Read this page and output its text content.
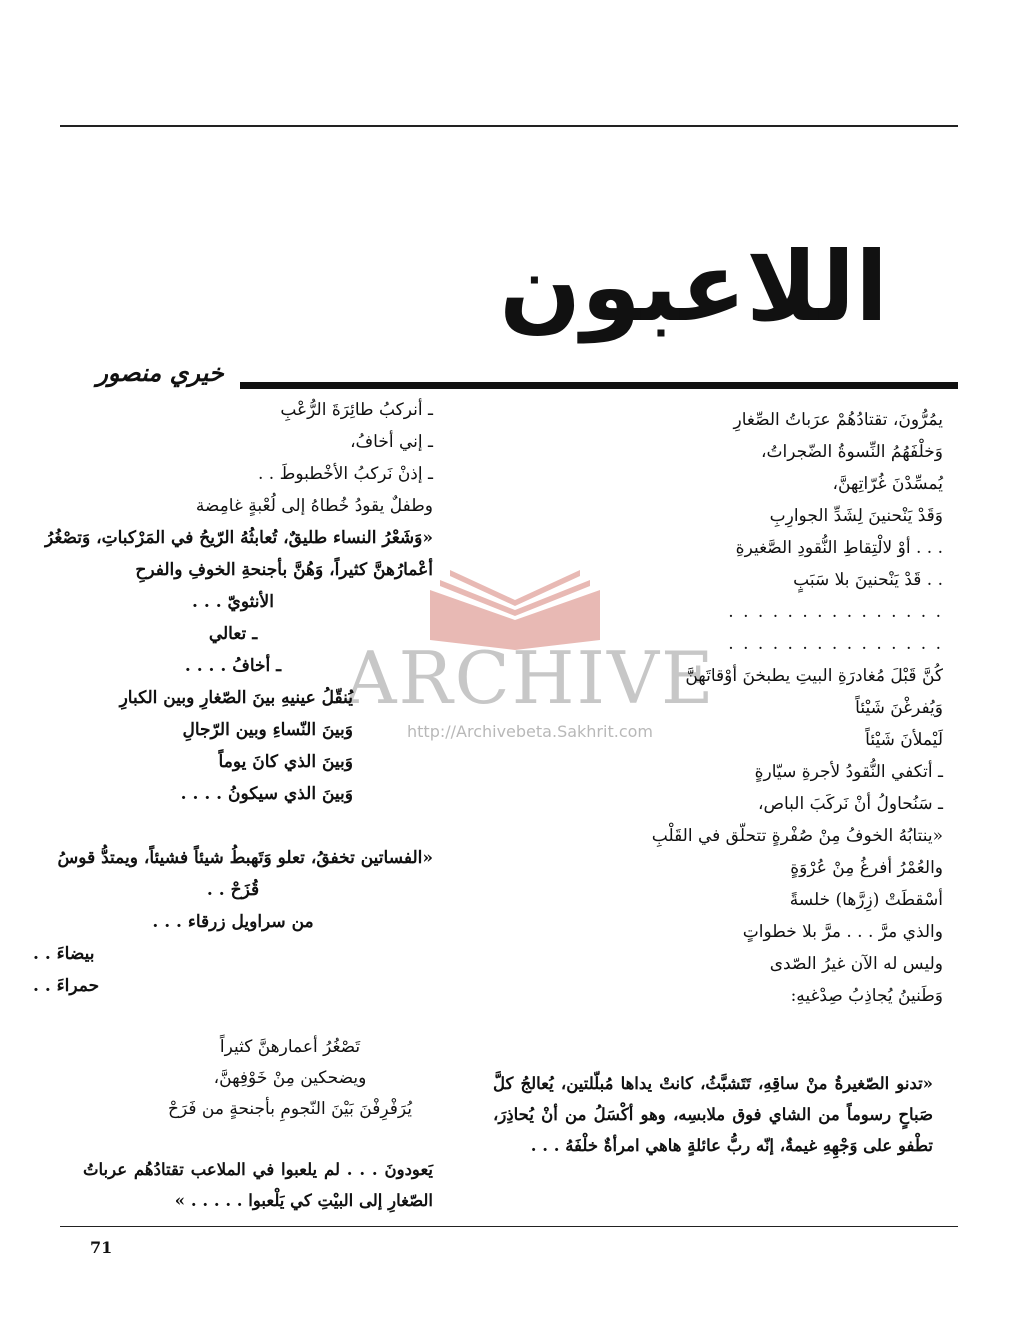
اللاعبون
خيري منصور
ARCHIVE
http://Archivebeta.Sakhrit.com
يمُرُّونَ، تقتادُهُمْ عرَباتُ الصِّغارِ
وَخلْفَهُمُ النِّسوةُ الضّجراتُ،
يُمسِّدْنَ غُرّاتِهنَّ،
وَقَدْ يَنْحنينَ لِشَدِّ الجوارِبِ
. . . أوْ لالْتِقاطِ النُّقودِ الصَّغيرةِ
. . قَدْ يَنْحنينَ بلا سَبَبٍ
. . . . . . . . . . . . . . .
. . . . . . . . . . . . . . .
كُنَّ قَبْلَ مُغادرَةِ البيتِ يطبخنَ أوْقاتَهنَّ
وَيُفرغْنَ شَيْئاً
لَيْملأنَ شَيْئاً
ـ أتكفي النُّقودُ لأجرةِ سيّارةٍ
ـ سَنُحاولُ أنْ نَركَبَ الباص،
«ينتابُهُ الخوفُ مِنْ صُفْرةٍ تتحلّق في القَلْبِ
والعُمْرُ أفرغُ مِنْ عُرْوَةٍ
أسْقطَتْ (زِرَّها) خلسةً
والذي مرَّ . . . مرَّ بلا خطواتٍ
وليس له الآن غيرُ الصّدى
وَطَنينُ يُجاذِبُ صِدْغيهِ:
ـ أنركبُ طائِرَةَ الرُّعْبِ
ـ إني أخافُ،
ـ إذنْ نَركبُ الأخْطبوطَ . .
وطفلٌ يقودُ خُطاهُ إلى لُعْبةٍ غامِضة
«وَشَعْرُ النساء طليقٌ، تُعابثُهُ الرّيحُ في المَرْكباتِ، وَتصْغُرُ
أعْمارُهنَّ كثيراً، وَهُنَّ بأجنحةِ الخوفِ والفرحِ
الأنثويّ . . .
ـ تعالي
ـ أخافُ . . . .
يُنقّلُ عينيهِ بينَ الصّغارِ وبين الكبارِ
وَبينَ النّساءِ وبين الرّجالِ
وَبينَ الذي كانَ يوماً
وَبينَ الذي سيكونُ . . . .
«الفساتين تخفقُ، تعلو وَتَهبطُ شيئاً فشيئاً، ويمتدُّ قوسُ
قُزَحْ . .
من سراويل زرقاء . . .
بيضاءَ . .
حمراءَ . .
تَصْغُرُ أعمارهنَّ كثيراً
ويضحكين مِنْ خَوْفِهنَّ،
يُرَفْرِفْنَ بَيْنَ النّجومِ بأجنحةٍ من فَرَحْ
«تدنو الصّغيرةُ منْ ساقِهِ، تَتَشبَّثُ، كانتْ يداها مُبلّلتين، يُعالجُ كلَّ صَباحٍ رسوماً من الشاي فوق ملابسِه، وهو أكْسَلُ من أنْ يُحاذِرَ، تطْفو على وَجْهِهِ غيمةٌ، إنّه ربُّ عائلةٍ هاهي امرأةٌ خلْفَهُ . . .
يَعودونَ . . . لم يلعبوا في الملاعب تقتادُهُم عرباتُ الصّغارِ إلى البيْتِ كي يَلْعبوا . . . . . »
71
